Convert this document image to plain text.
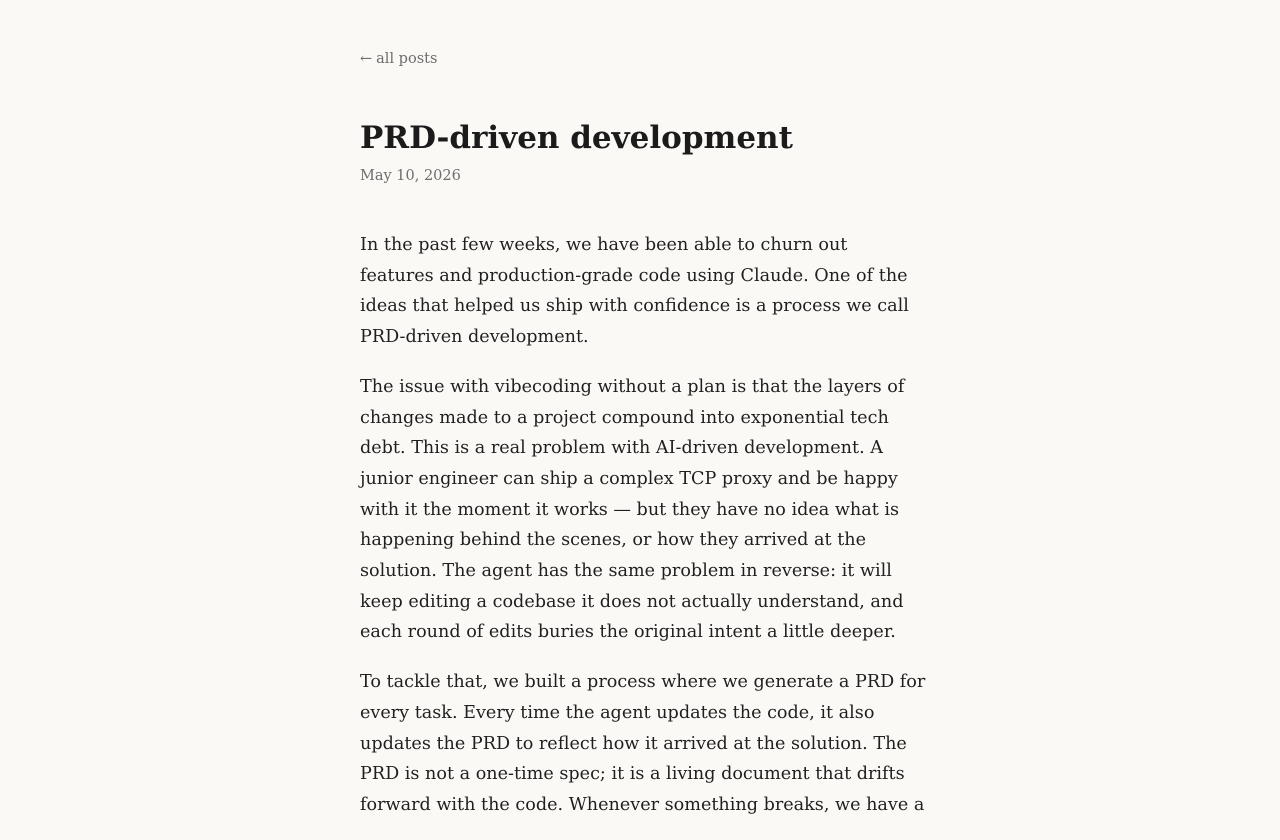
← all posts
PRD-driven development
May 10, 2026

In the past few weeks, we have been able to churn out features and production-grade code using Claude. One of the ideas that helped us ship with confidence is a process we call PRD-driven development.

The issue with vibecoding without a plan is that the layers of changes made to a project compound into exponential tech debt. This is a real problem with AI-driven development. A junior engineer can ship a complex TCP proxy and be happy with it the moment it works — but they have no idea what is happening behind the scenes, or how they arrived at the solution. The agent has the same problem in reverse: it will keep editing a codebase it does not actually understand, and each round of edits buries the original intent a little deeper.

To tackle that, we built a process where we generate a PRD for every task. Every time the agent updates the code, it also updates the PRD to reflect how it arrived at the solution. The PRD is not a one-time spec; it is a living document that drifts forward with the code. Whenever something breaks, we have a
